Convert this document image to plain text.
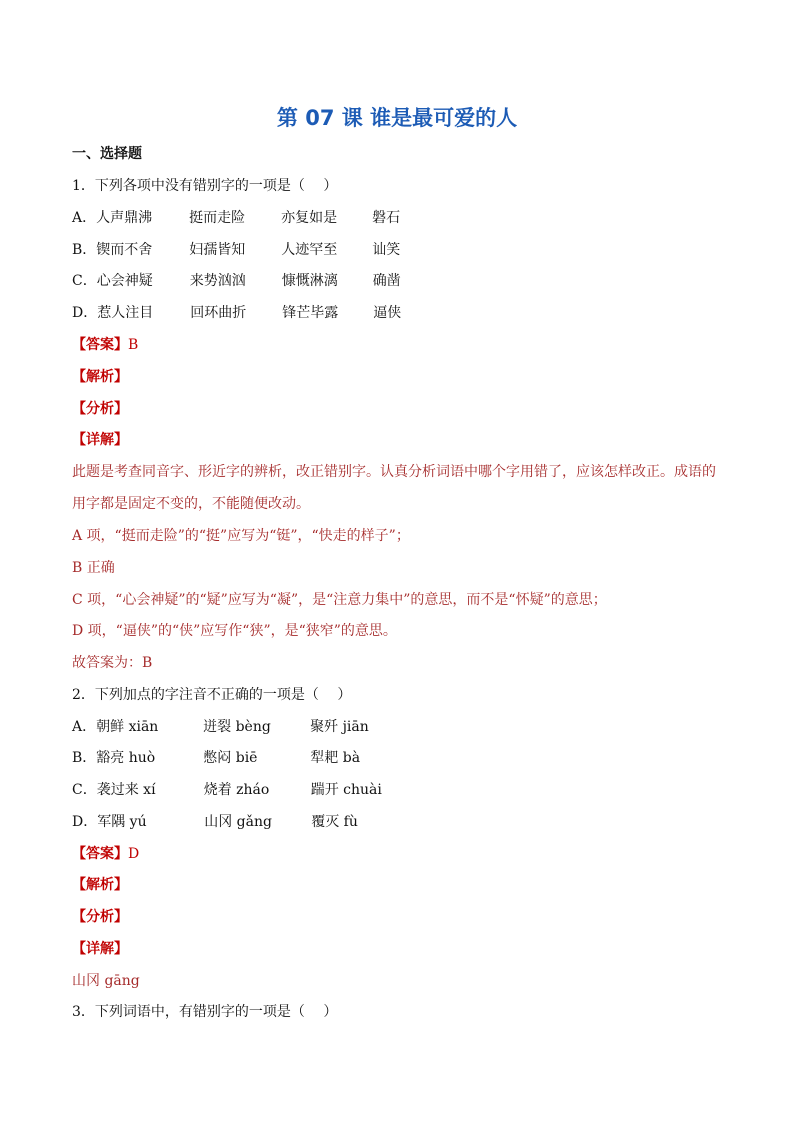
第 07 课 谁是最可爱的人
一、选择题
1．下列各项中没有错别字的一项是（　 ）
A．人声鼎沸	挺而走险	亦复如是	磐石
B．锲而不舍	妇孺皆知	人迹罕至	讪笑
C．心会神疑	来势汹汹	慷慨淋漓	确凿
D．惹人注目	回环曲折	锋芒毕露	逼侠
【答案】B
【解析】
【分析】
【详解】
此题是考查同音字、形近字的辨析，改正错别字。认真分析词语中哪个字用错了，应该怎样改正。成语的用字都是固定不变的，不能随便改动。
A 项，“挺而走险”的“挺”应写为“铤”，“快走的样子”；
B 正确
C 项，“心会神疑”的“疑”应写为“凝”，是“注意力集中”的意思，而不是“怀疑”的意思；
D 项，“逼侠”的“侠”应写作“狭”，是“狭窄”的意思。
故答案为：B
2．下列加点的字注音不正确的一项是（　 ）
A．朝鲜 xiān	迸裂 bèng	聚歼 jiān
B．豁亮 huò	憋闷 biē	犁耙 bà
C．袭过来 xí	烧着 zháo	踹开 chuài
D．军隅 yú	山冈 gǎng	覆灭 fù
【答案】D
【解析】
【分析】
【详解】
山冈 gāng
3．下列词语中，有错别字的一项是（　 ）
